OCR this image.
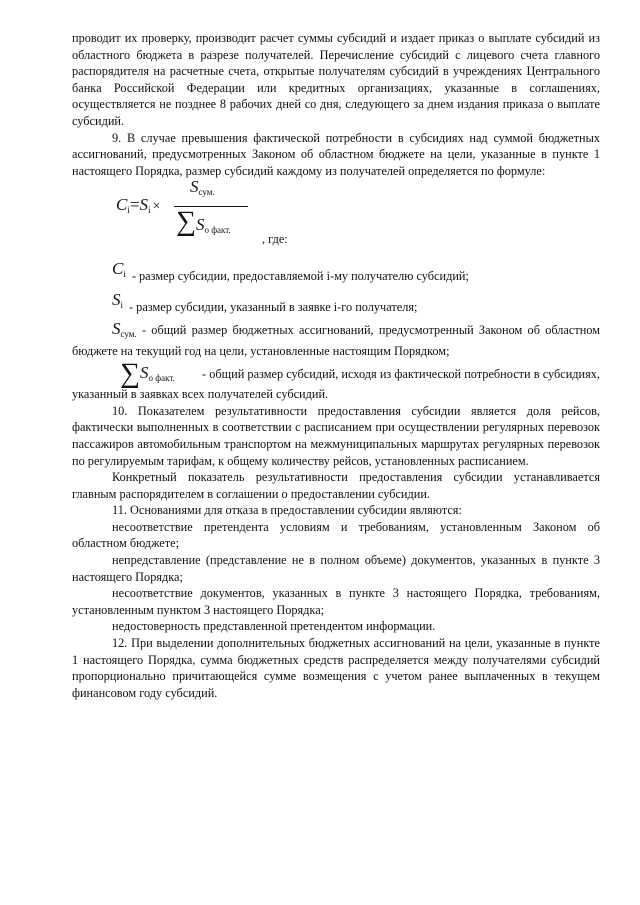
проводит их проверку, производит расчет суммы субсидий и издает приказ о выплате субсидий из областного бюджета в разрезе получателей. Перечисление субсидий с лицевого счета главного распорядителя на расчетные счета, открытые получателям субсидий в учреждениях Центрального банка Российской Федерации или кредитных организациях, указанные в соглашениях, осуществляется не позднее 8 рабочих дней со дня, следующего за днем издания приказа о выплате субсидий.

9. В случае превышения фактической потребности в субсидиях над суммой бюджетных ассигнований, предусмотренных Законом об областном бюджете на цели, указанные в пункте 1 настоящего Порядка, размер субсидий каждому из получателей определяется по формуле:

$C_i=S_i$ ×
$S_{сум.}$
$\sum S_{о факт.}$
, где:
$C_i$ - размер субсидии, предоставляемой i-му получателю субсидий;
$S_i$ - размер субсидии, указанный в заявке i-го получателя;

$S_{сум.}$ - общий размер бюджетных ассигнований, предусмотренный Законом об областном бюджете на текущий год на цели, установленные настоящим Порядком;

$\sum S_{о факт.}$ - общий размер субсидий, исходя из фактической потребности в субсидиях, указанный в заявках всех получателей субсидий.

10. Показателем результативности предоставления субсидии является доля рейсов, фактически выполненных в соответствии с расписанием при осуществлении регулярных перевозок пассажиров автомобильным транспортом на межмуниципальных маршрутах регулярных перевозок по регулируемым тарифам, к общему количеству рейсов, установленных расписанием.

Конкретный показатель результативности предоставления субсидии устанавливается главным распорядителем в соглашении о предоставлении субсидии.

11. Основаниями для отказа в предоставлении субсидии являются:

несоответствие претендента условиям и требованиям, установленным Законом об областном бюджете;

непредставление (представление не в полном объеме) документов, указанных в пункте 3 настоящего Порядка;

несоответствие документов, указанных в пункте 3 настоящего Порядка, требованиям, установленным пунктом 3 настоящего Порядка;

недостоверность представленной претендентом информации.

12. При выделении дополнительных бюджетных ассигнований на цели, указанные в пункте 1 настоящего Порядка, сумма бюджетных средств распределяется между получателями субсидий пропорционально причитающейся сумме возмещения с учетом ранее выплаченных в текущем финансовом году субсидий.
